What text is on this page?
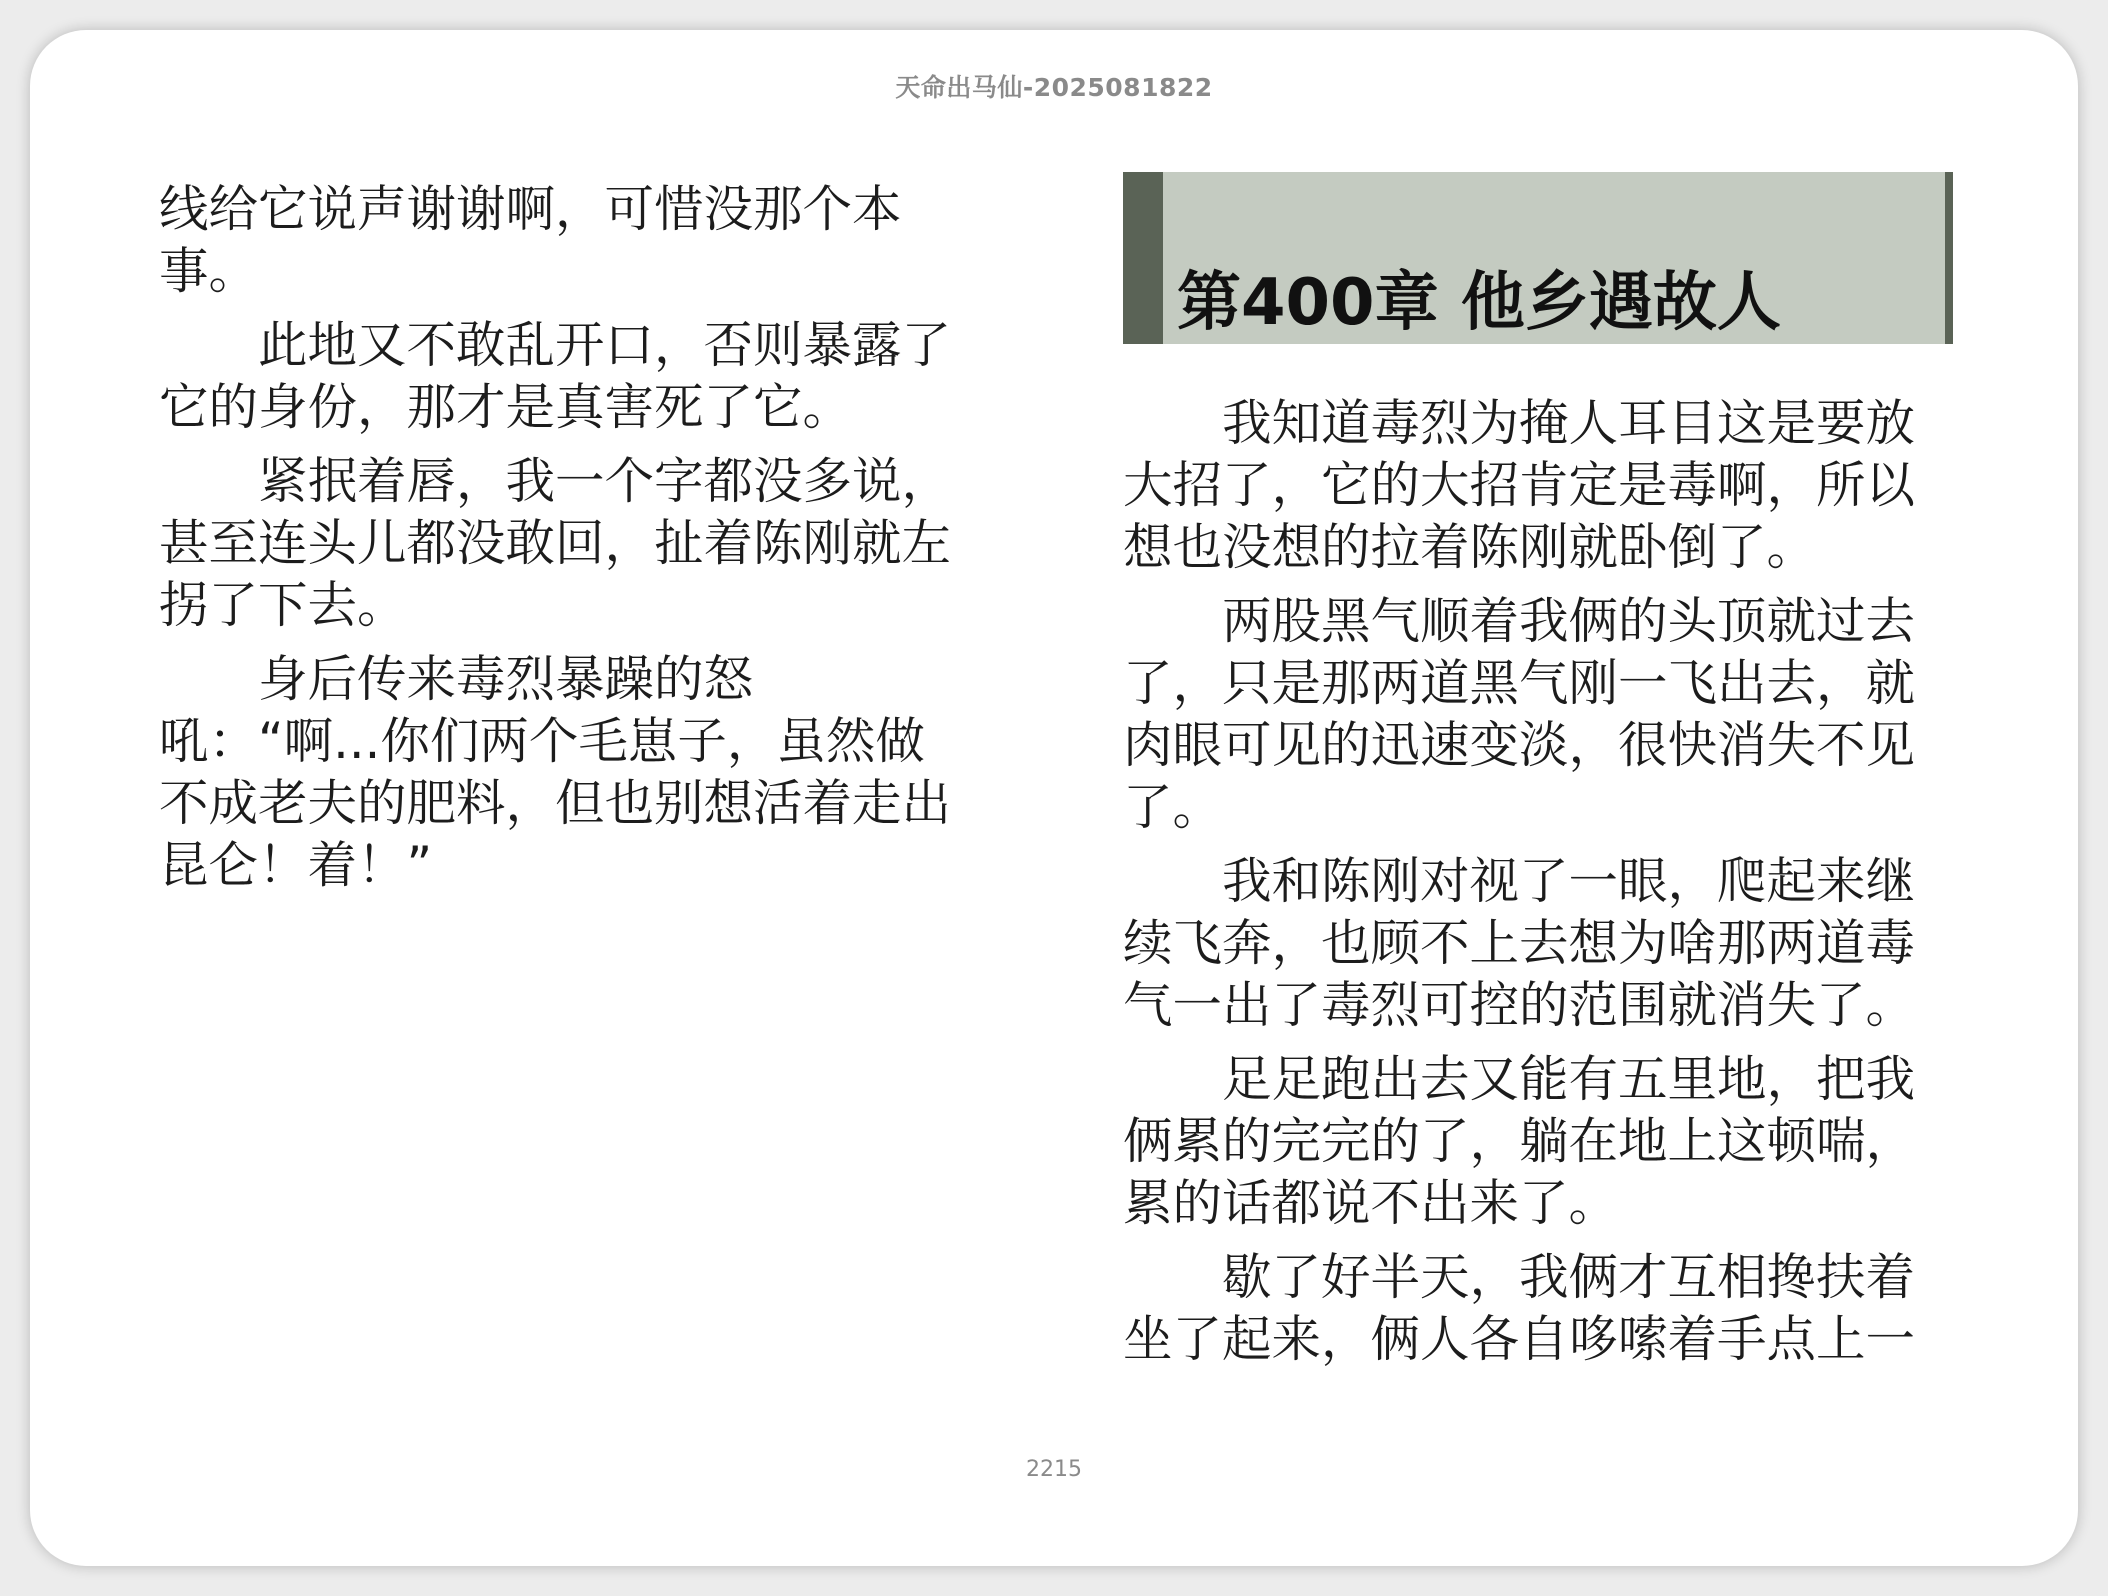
天命出马仙-2025081822

线给它说声谢谢啊，可惜没那个本事。

此地又不敢乱开口，否则暴露了它的身份，那才是真害死了它。

紧抿着唇，我一个字都没多说，甚至连头儿都没敢回，扯着陈刚就左拐了下去。

身后传来毒烈暴躁的怒吼：“啊...你们两个毛崽子，虽然做不成老夫的肥料，但也别想活着走出昆仑！着！”

第400章 他乡遇故人

我知道毒烈为掩人耳目这是要放大招了，它的大招肯定是毒啊，所以想也没想的拉着陈刚就卧倒了。

两股黑气顺着我俩的头顶就过去了，只是那两道黑气刚一飞出去，就肉眼可见的迅速变淡，很快消失不见了。

我和陈刚对视了一眼，爬起来继续飞奔，也顾不上去想为啥那两道毒气一出了毒烈可控的范围就消失了。

足足跑出去又能有五里地，把我俩累的完完的了，躺在地上这顿喘，累的话都说不出来了。

歇了好半天，我俩才互相搀扶着坐了起来，俩人各自哆嗦着手点上一

2215
